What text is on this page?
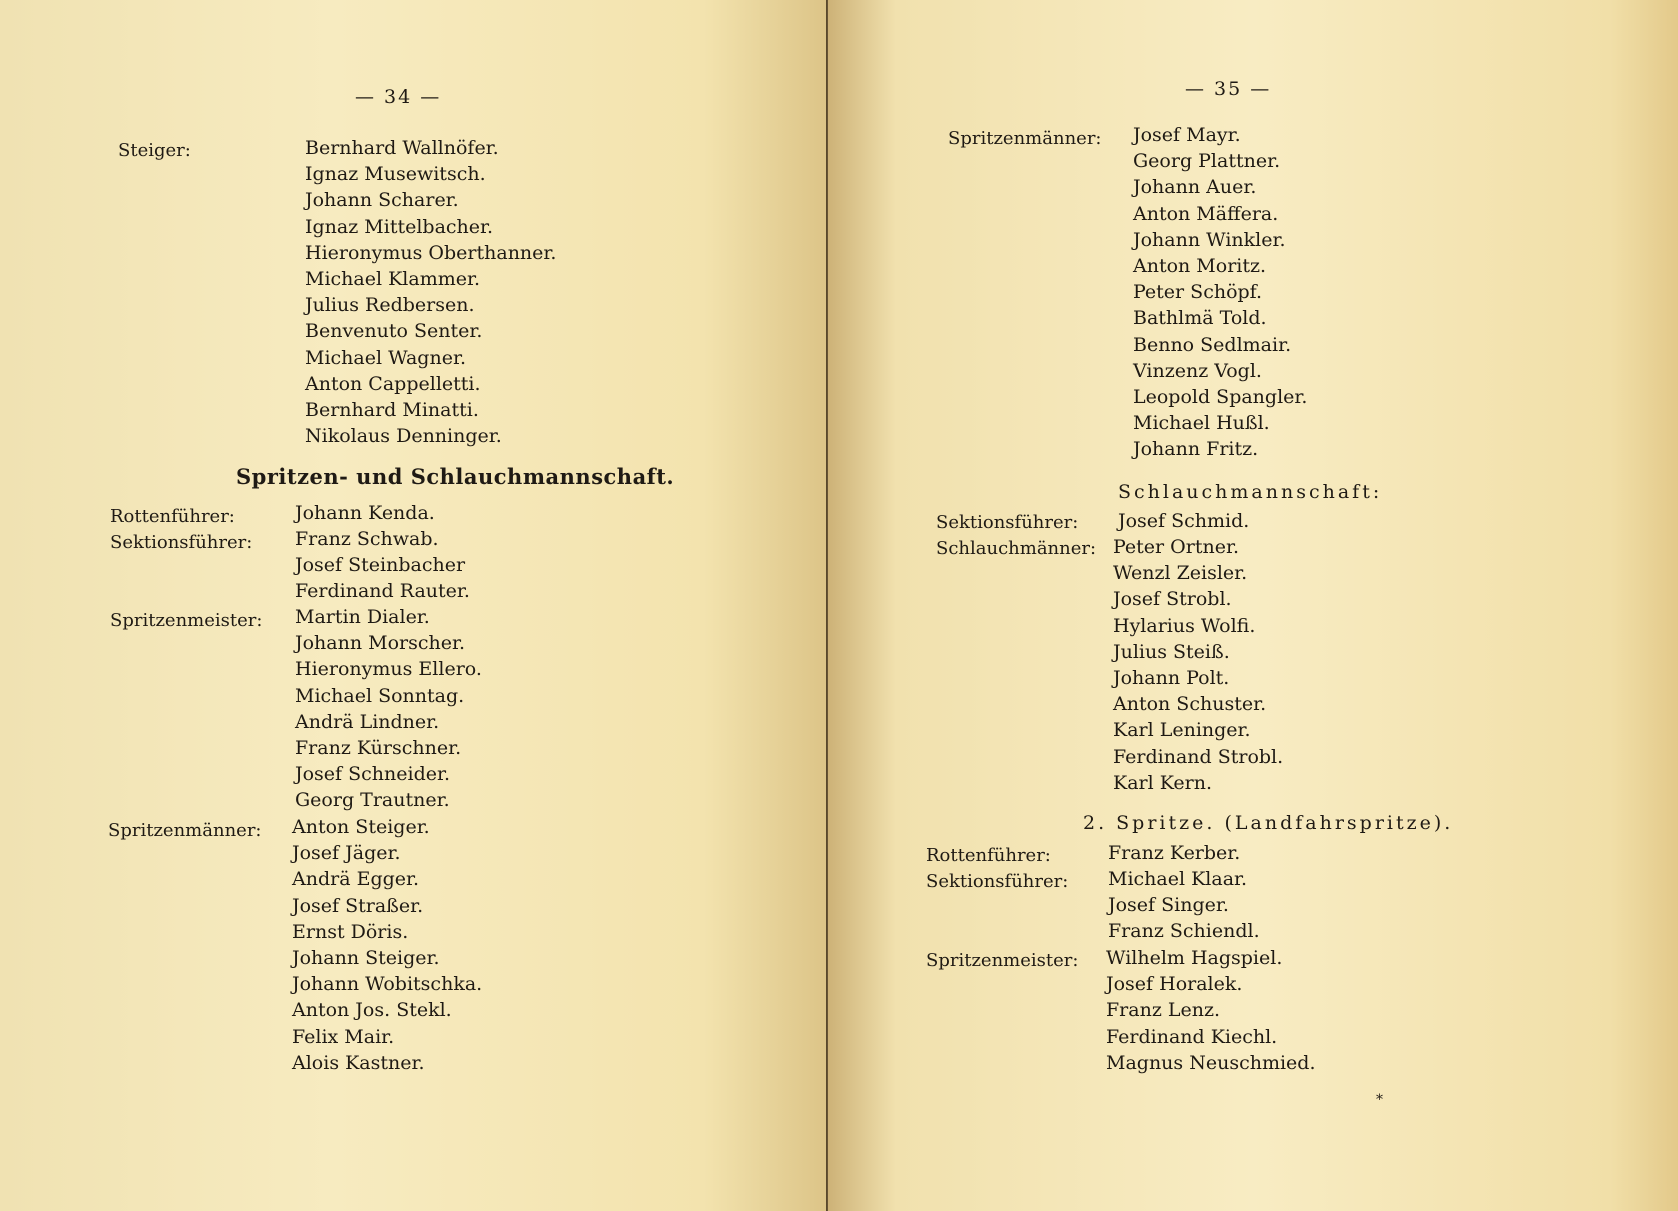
— 34 —
Steiger:	Bernhard Wallnöfer.
Ignaz Musewitsch.
Johann Scharer.
Ignaz Mittelbacher.
Hieronymus Oberthanner.
Michael Klammer.
Julius Redbersen.
Benvenuto Senter.
Michael Wagner.
Anton Cappelletti.
Bernhard Minatti.
Nikolaus Denninger.
Spritzen- und Schlauchmannschaft.
Rottenführer:	Johann Kenda.
Sektionsführer: Franz Schwab.
Josef Steinbacher
Ferdinand Rauter.
Spritzenmeister: Martin Dialer.
Johann Morscher.
Hieronymus Ellero.
Michael Sonntag.
Andrä Lindner.
Franz Kürschner.
Josef Schneider.
Georg Trautner.
Spritzenmänner: Anton Steiger.
Josef Jäger.
Andrä Egger.
Josef Straßer.
Ernst Döris.
Johann Steiger.
Johann Wobitschka.
Anton Jos. Stekl.
Felix Mair.
Alois Kastner.
— 35 —
Spritzenmänner: Josef Mayr.
Georg Plattner.
Johann Auer.
Anton Mäffera.
Johann Winkler.
Anton Moritz.
Peter Schöpf.
Bathlmä Told.
Benno Sedlmair.
Vinzenz Vogl.
Leopold Spangler.
Michael Hußl.
Johann Fritz.
Schlauchmannschaft:
Sektionsführer: Josef Schmid.
Schlauchmänner: Peter Ortner.
Wenzl Zeisler.
Josef Strobl.
Hylarius Wolfi.
Julius Steiß.
Johann Polt.
Anton Schuster.
Karl Leninger.
Ferdinand Strobl.
Karl Kern.
2. Spritze. (Landfahrspritze).
Rottenführer:	Franz Kerber.
Sektionsführer: Michael Klaar.
Josef Singer.
Franz Schiendl.
Spritzenmeister: Wilhelm Hagspiel.
Josef Horalek.
Franz Lenz.
Ferdinand Kiechl.
Magnus Neuschmied.
*
